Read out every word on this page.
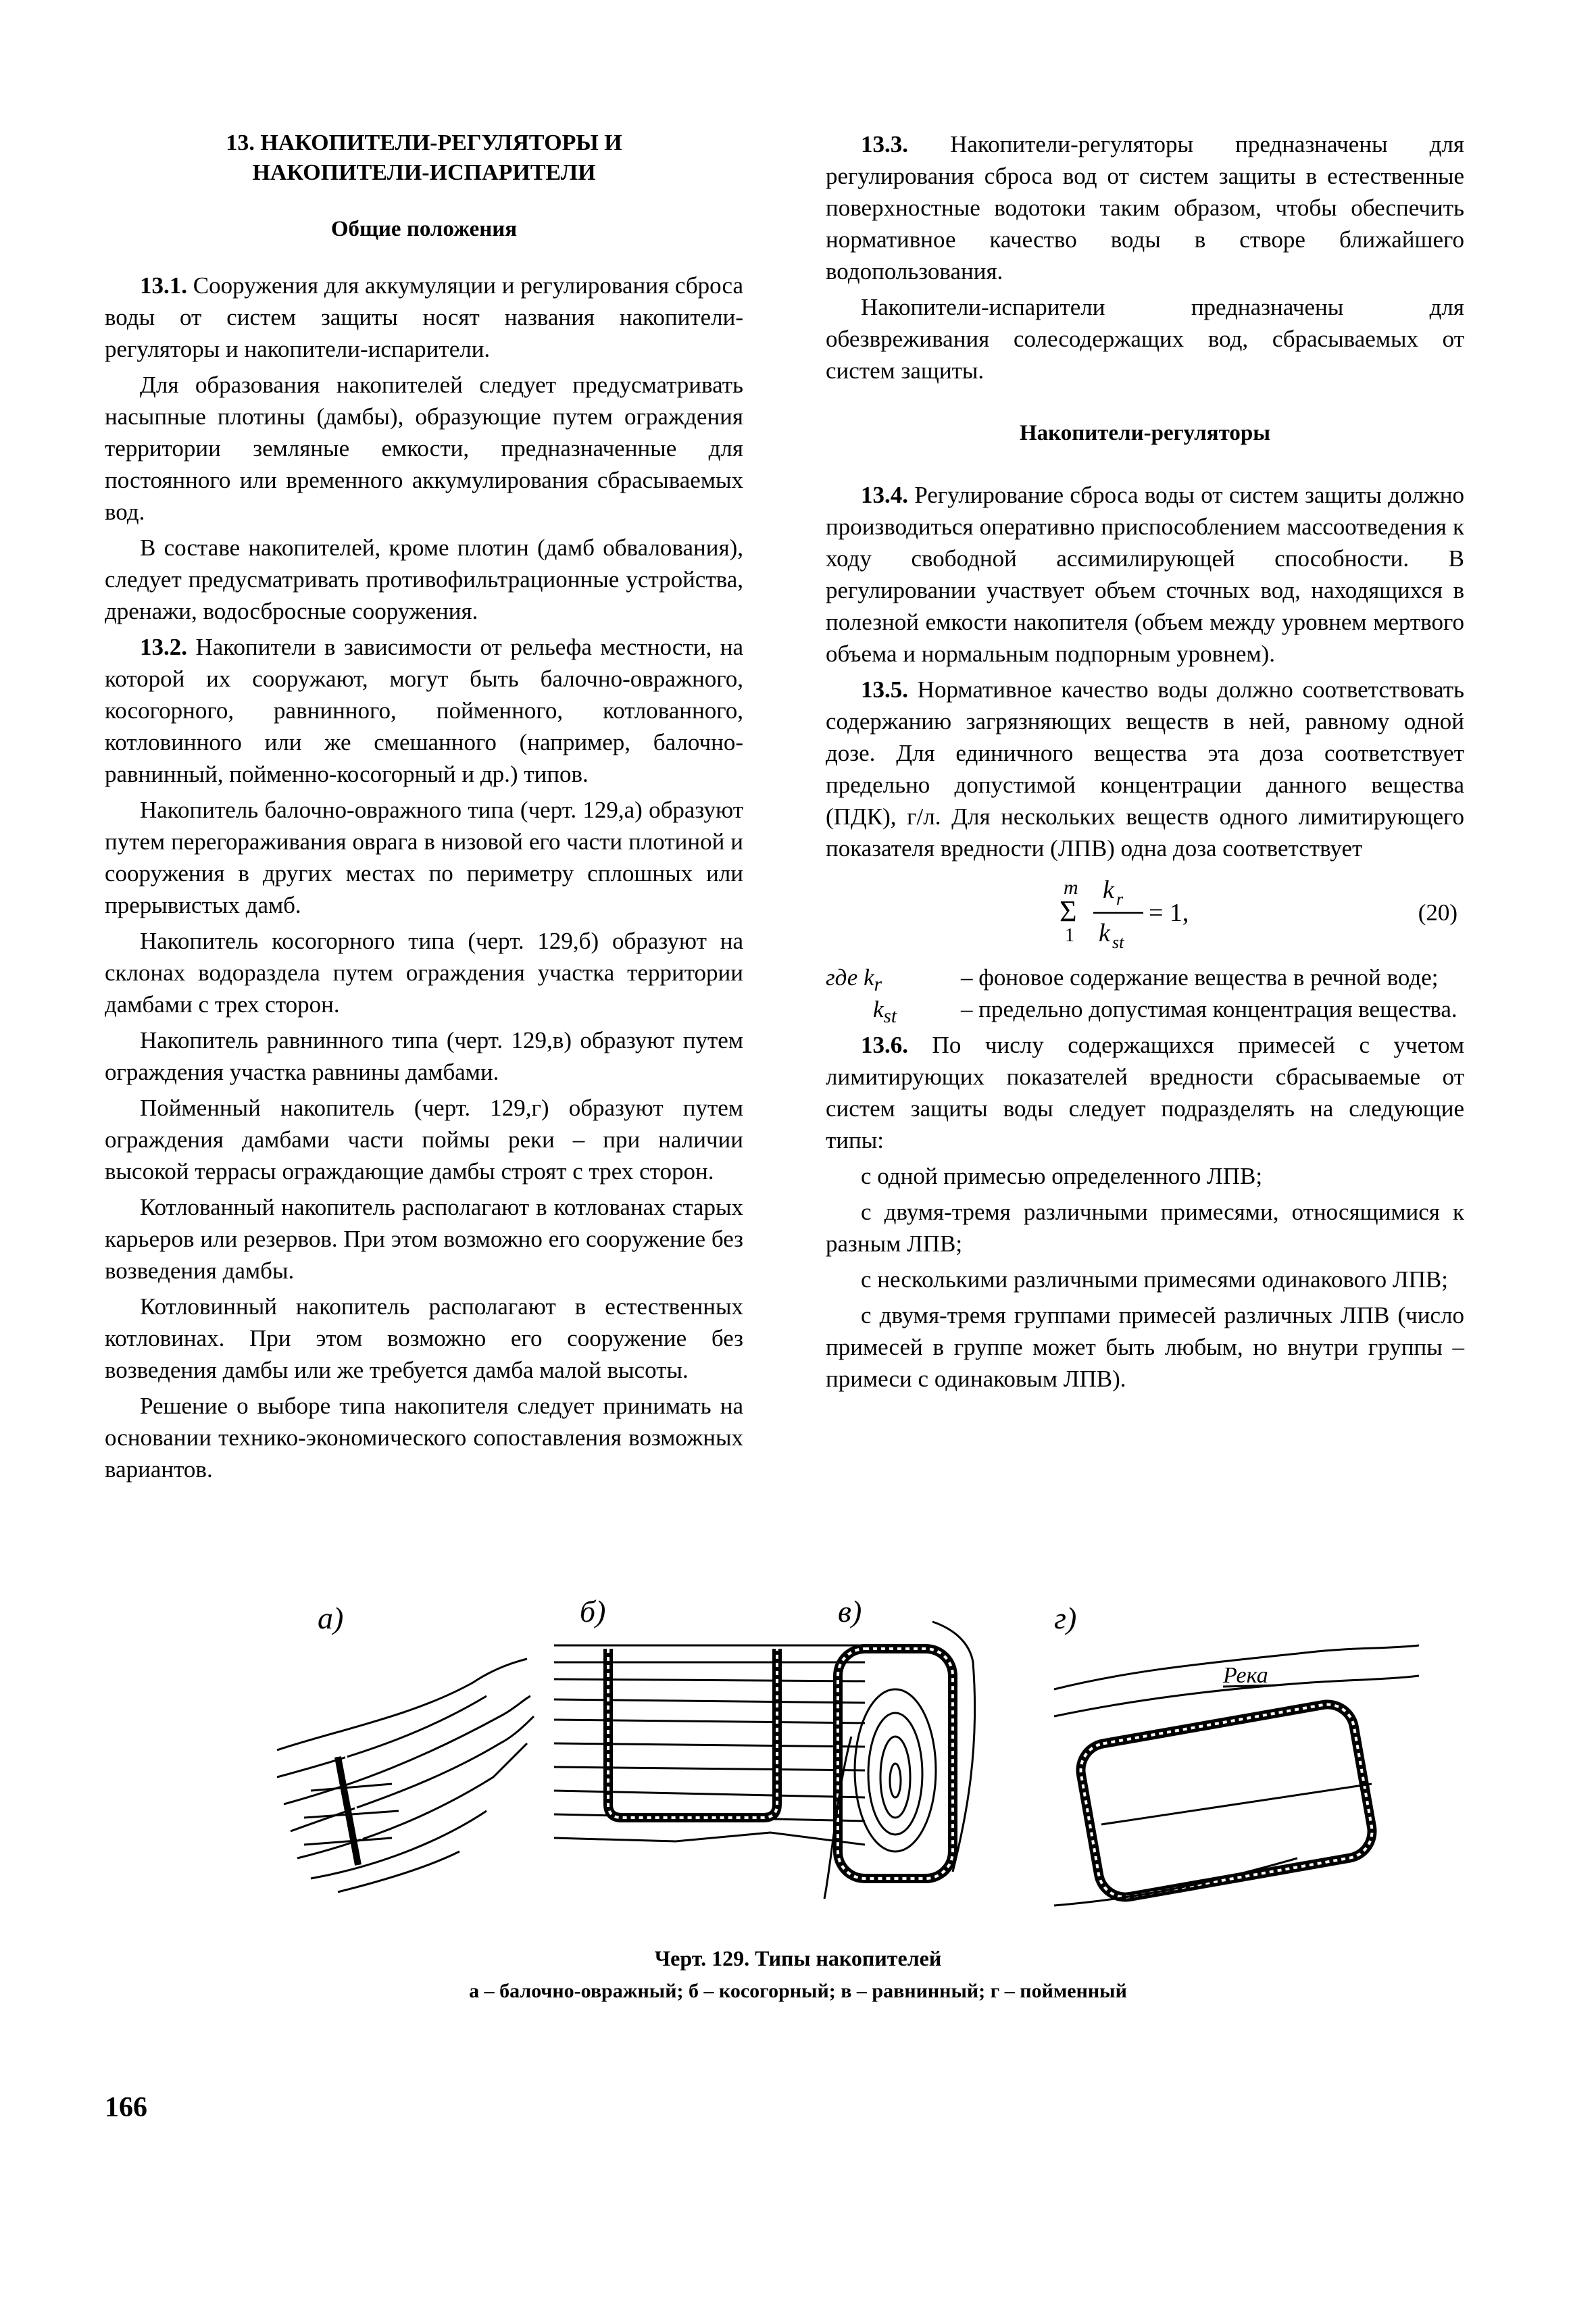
13. НАКОПИТЕЛИ-РЕГУЛЯТОРЫ И
НАКОПИТЕЛИ-ИСПАРИТЕЛИ
Общие положения

13.1. Сооружения для аккумуляции и регулирования сброса воды от систем защиты носят названия накопители-регуляторы и накопители-испарители.

Для образования накопителей следует предусматривать насыпные плотины (дамбы), образующие путем ограждения территории земляные емкости, предназначенные для постоянного или временного аккумулирования сбрасываемых вод.

В составе накопителей, кроме плотин (дамб обвалования), следует предусматривать противофильтрационные устройства, дренажи, водосбросные сооружения.

13.2. Накопители в зависимости от рельефа местности, на которой их сооружают, могут быть балочно-овражного, косогорного, равнинного, пойменного, котлованного, котловинного или же смешанного (например, балочно-равнинный, пойменно-косогорный и др.) типов.

Накопитель балочно-овражного типа (черт. 129,а) образуют путем перегораживания оврага в низовой его части плотиной и сооружения в других местах по периметру сплошных или прерывистых дамб.

Накопитель косогорного типа (черт. 129,б) образуют на склонах водораздела путем ограждения участка территории дамбами с трех сторон.

Накопитель равнинного типа (черт. 129,в) образуют путем ограждения участка равнины дамбами.

Пойменный накопитель (черт. 129,г) образуют путем ограждения дамбами части поймы реки – при наличии высокой террасы ограждающие дамбы строят с трех сторон.

Котлованный накопитель располагают в котлованах старых карьеров или резервов. При этом возможно его сооружение без возведения дамбы.

Котловинный накопитель располагают в естественных котловинах. При этом возможно его сооружение без возведения дамбы или же требуется дамба малой высоты.

Решение о выборе типа накопителя следует принимать на основании технико-экономического сопоставления возможных вариантов.

13.3. Накопители-регуляторы предназначены для регулирования сброса вод от систем защиты в естественные поверхностные водотоки таким образом, чтобы обеспечить нормативное качество воды в створе ближайшего водопользования.

Накопители-испарители предназначены для обезвреживания солесодержащих вод, сбрасываемых от систем защиты.

Накопители-регуляторы

13.4. Регулирование сброса воды от систем защиты должно производиться оперативно приспособлением массоотведения к ходу свободной ассимилирующей способности. В регулировании участвует объем сточных вод, находящихся в полезной емкости накопителя (объем между уровнем мертвого объема и нормальным подпорным уровнем).

13.5. Нормативное качество воды должно соответствовать содержанию загрязняющих веществ в ней, равному одной дозе. Для единичного вещества эта доза соответствует предельно допустимой концентрации данного вещества (ПДК), г/л. Для нескольких веществ одного лимитирующего показателя вредности (ЛПВ) одна доза соответствует

m
Σ
1
k r
k st
= 1,	(20)
где $k_r$	– фоновое содержание вещества в речной воде;
$k_{st}$	– предельно допустимая концентрация вещества.

13.6. По числу содержащихся примесей с учетом лимитирующих показателей вредности сбрасываемые от систем защиты воды следует подразделять на следующие типы:

с одной примесью определенного ЛПВ;

с двумя-тремя различными примесями, относящимися к разным ЛПВ;

с несколькими различными примесями одинакового ЛПВ;

с двумя-тремя группами примесей различных ЛПВ (число примесей в группе может быть любым, но внутри группы – примеси с одинаковым ЛПВ).

а)	б)	в)	г)
Река
Черт. 129. Типы накопителей
а – балочно-овражный; б – косогорный; в – равнинный; г – пойменный
166
